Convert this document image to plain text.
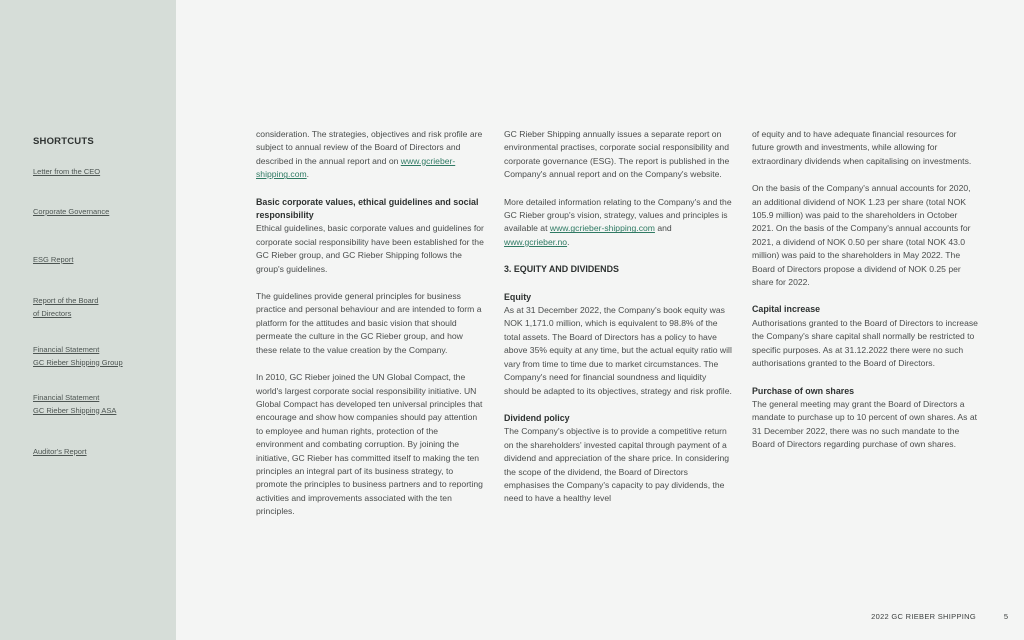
SHORTCUTS
Letter from the CEO
Corporate Governance
ESG Report
Report of the Board
of Directors
Financial Statement
GC Rieber Shipping Group
Financial Statement
GC Rieber Shipping ASA
Auditor's Report

consideration. The strategies, objectives and risk profile are subject to annual review of the Board of Directors and described in the annual report and on www.gcrieber-shipping.com.

Basic corporate values, ethical guidelines and social responsibility

Ethical guidelines, basic corporate values and guidelines for corporate social responsibility have been established for the GC Rieber group, and GC Rieber Shipping follows the group's guidelines.

The guidelines provide general principles for business practice and personal behaviour and are intended to form a platform for the attitudes and basic vision that should permeate the culture in the GC Rieber group, and how these relate to the value creation by the Company.

In 2010, GC Rieber joined the UN Global Compact, the world's largest corporate social responsibility initiative. UN Global Compact has developed ten universal principles that encourage and show how companies should pay attention to employee and human rights, protection of the environment and combating corruption. By joining the initiative, GC Rieber has committed itself to making the ten principles an integral part of its business strategy, to promote the principles to business partners and to reporting activities and improvements associated with the ten principles.

GC Rieber Shipping annually issues a separate report on environmental practises, corporate social responsibility and corporate governance (ESG). The report is published in the Company's annual report and on the Company's website.

More detailed information relating to the Company's and the GC Rieber group's vision, strategy, values and principles is available at www.gcrieber-shipping.com and www.gcrieber.no.

3. EQUITY AND DIVIDENDS
Equity

As at 31 December 2022, the Company's book equity was NOK 1,171.0 million, which is equivalent to 98.8% of the total assets. The Board of Directors has a policy to have above 35% equity at any time, but the actual equity ratio will vary from time to time due to market circumstances. The Company's need for financial soundness and liquidity should be adapted to its objectives, strategy and risk profile.

Dividend policy

The Company's objective is to provide a competitive return on the shareholders' invested capital through payment of a dividend and appreciation of the share price. In considering the scope of the dividend, the Board of Directors emphasises the Company's capacity to pay dividends, the need to have a healthy level

of equity and to have adequate financial resources for future growth and investments, while allowing for extraordinary dividends when capitalising on investments.

On the basis of the Company's annual accounts for 2020, an additional dividend of NOK 1.23 per share (total NOK 105.9 million) was paid to the shareholders in October 2021. On the basis of the Company's annual accounts for 2021, a dividend of NOK 0.50 per share (total NOK 43.0 million) was paid to the shareholders in May 2022. The Board of Directors propose a dividend of NOK 0.25 per share for 2022.

Capital increase

Authorisations granted to the Board of Directors to increase the Company's share capital shall normally be restricted to specific purposes. As at 31.12.2022 there were no such authorisations granted to the Board of Directors.

Purchase of own shares

The general meeting may grant the Board of Directors a mandate to purchase up to 10 percent of own shares. As at 31 December 2022, there was no such mandate to the Board of Directors regarding purchase of own shares.

2022 GC RIEBER SHIPPING	5
